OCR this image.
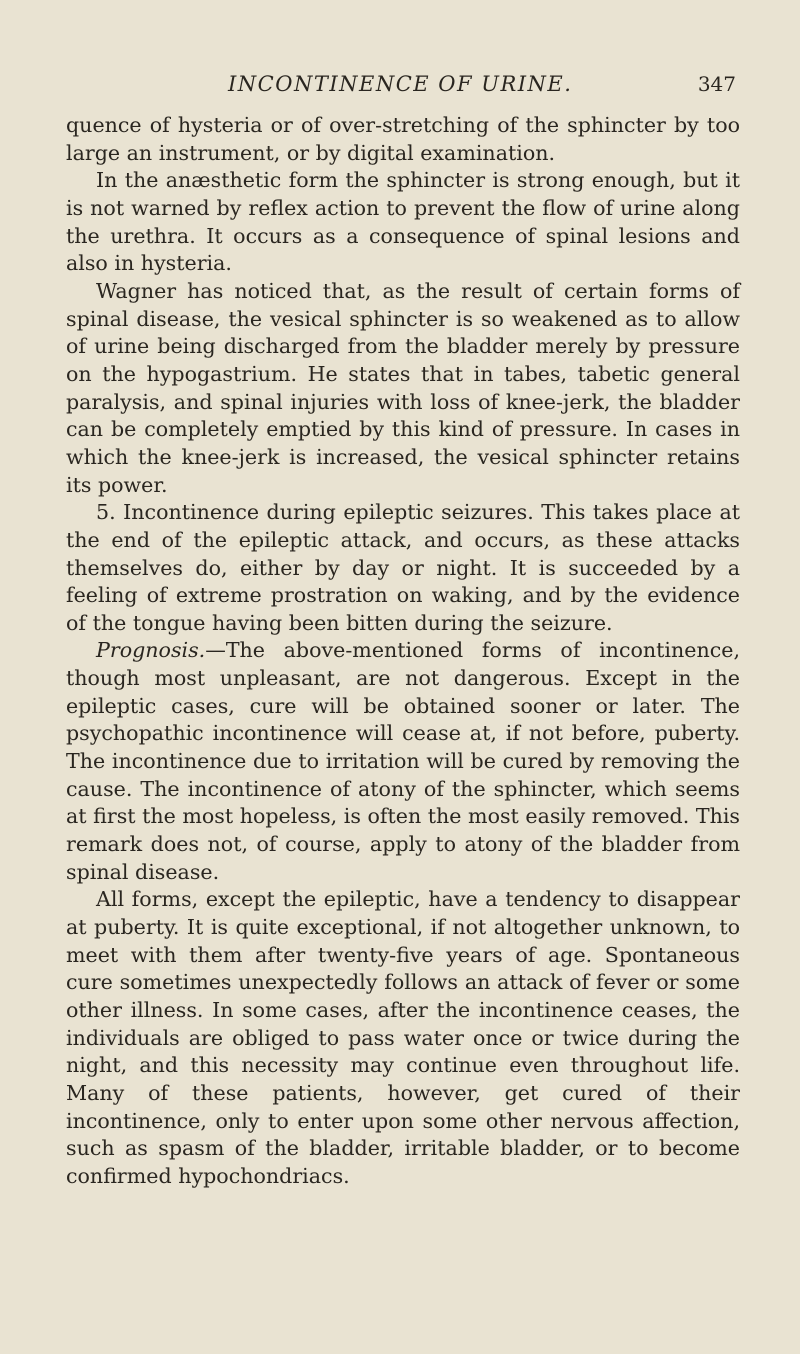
INCONTINENCE OF URINE.	347

quence of hysteria or of over-stretching of the sphincter by too large an instrument, or by digital examination.

In the anæsthetic form the sphincter is strong enough, but it is not warned by reflex action to prevent the flow of urine along the urethra. It occurs as a consequence of spinal lesions and also in hysteria.

Wagner has noticed that, as the result of certain forms of spinal disease, the vesical sphincter is so weakened as to allow of urine being discharged from the bladder merely by pressure on the hypogastrium. He states that in tabes, tabetic general paralysis, and spinal injuries with loss of knee-jerk, the bladder can be completely emptied by this kind of pressure. In cases in which the knee-jerk is increased, the vesical sphincter retains its power.

5. Incontinence during epileptic seizures. This takes place at the end of the epileptic attack, and occurs, as these attacks themselves do, either by day or night. It is succeeded by a feeling of extreme prostration on waking, and by the evidence of the tongue having been bitten during the seizure.

Prognosis.—The above-mentioned forms of incontinence, though most unpleasant, are not dangerous. Except in the epileptic cases, cure will be obtained sooner or later. The psychopathic incontinence will cease at, if not before, puberty. The incontinence due to irritation will be cured by removing the cause. The incontinence of atony of the sphincter, which seems at first the most hopeless, is often the most easily removed. This remark does not, of course, apply to atony of the bladder from spinal disease.

All forms, except the epileptic, have a tendency to disappear at puberty. It is quite exceptional, if not altogether unknown, to meet with them after twenty-five years of age. Spontaneous cure sometimes unexpectedly follows an attack of fever or some other illness. In some cases, after the incontinence ceases, the individuals are obliged to pass water once or twice during the night, and this necessity may continue even throughout life. Many of these patients, however, get cured of their incontinence, only to enter upon some other nervous affection, such as spasm of the bladder, irritable bladder, or to become confirmed hypochondriacs.
